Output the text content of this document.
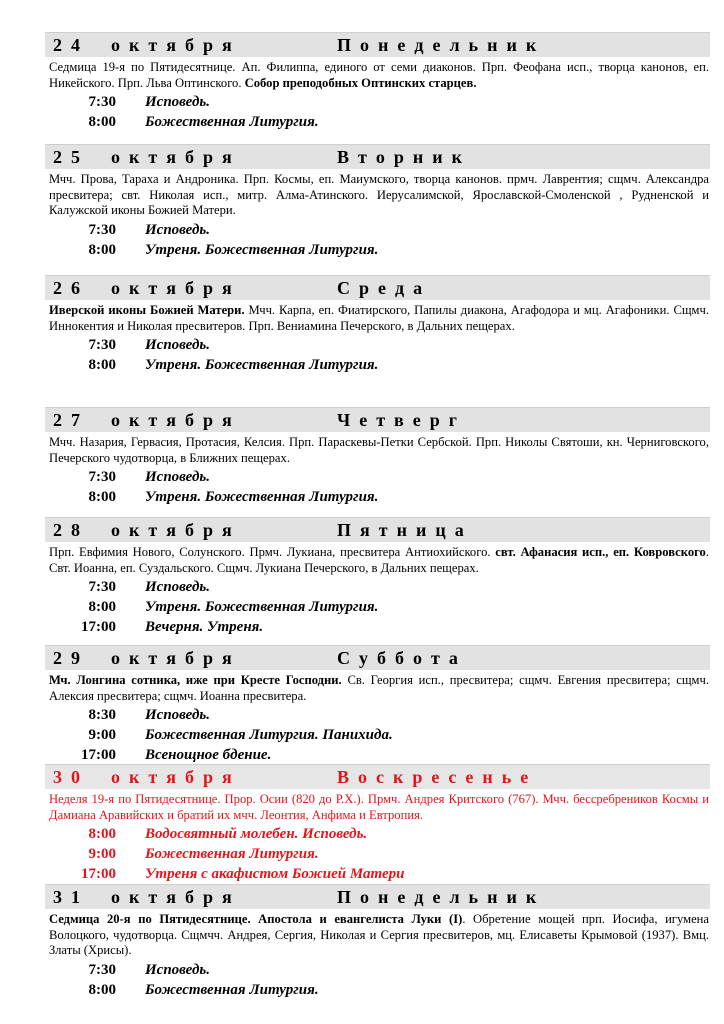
2 4 о к т я б р я	П о н е д е л ь н и к
Седмица 19-я по Пятидесятнице. Ап. Филиппа, единого от семи диаконов. Прп. Феофана исп., творца канонов, еп. Никейского. Прп. Льва Оптинского. Собор преподобных Оптинских старцев.
7:30 Исповедь.
8:00 Божественная Литургия.
2 5 о к т я б р я	В т о р н и к
Мчч. Прова, Тараха и Андроника. Прп. Космы, еп. Маиумского, творца канонов. прмч. Лаврентия; сщмч. Александра пресвитера; свт. Николая исп., митр. Алма-Атинского. Иерусалимской, Ярославской-Смоленской , Рудненской и Калужской иконы Божией Матери.
7:30 Исповедь.
8:00 Утреня. Божественная Литургия.
2 6 о к т я б р я	С р е д а
Иверской иконы Божией Матери. Мчч. Карпа, еп. Фиатирского, Папилы диакона, Агафодора и мц. Агафоники. Сщмч. Иннокентия и Николая пресвитеров. Прп. Вениамина Печерского, в Дальних пещерах.
7:30 Исповедь.
8:00 Утреня. Божественная Литургия.
2 7 о к т я б р я	Ч е т в е р г
Мчч. Назария, Гервасия, Протасия, Келсия. Прп. Параскевы-Петки Сербской. Прп. Николы Святоши, кн. Черниговского, Печерского чудотворца, в Ближних пещерах.
7:30 Исповедь.
8:00 Утреня. Божественная Литургия.
2 8 о к т я б р я	П я т н и ц а
Прп. Евфимия Нового, Солунского. Прмч. Лукиана, пресвитера Антиохийского. свт. Афанасия исп., еп. Ковровского. Свт. Иоанна, еп. Суздальского. Сщмч. Лукиана Печерского, в Дальних пещерах.
7:30 Исповедь.
8:00 Утреня. Божественная Литургия.
17:00 Вечерня. Утреня.
2 9 о к т я б р я	С у б б о т а
Мч. Лонгина сотника, иже при Кресте Господни. Св. Георгия исп., пресвитера; сщмч. Евгения пресвитера; сщмч. Алексия пресвитера; сщмч. Иоанна пресвитера.
8:30 Исповедь.
9:00 Божественная Литургия. Панихида.
17:00 Всенощное бдение.
3 0 о к т я б р я	В о с к р е с е н ь е
Неделя 19-я по Пятидесятнице. Прор. Осии (820 до Р.Х.). Прмч. Андрея Критского (767). Мчч. бессребреников Космы и Дамиана Аравийских и братий их мчч. Леонтия, Анфима и Евтропия.
8:00 Водосвятный молебен. Исповедь.
9:00 Божественная Литургия.
17:00 Утреня с акафистом Божией Матери
3 1 о к т я б р я	П о н е д е л ь н и к
Седмица 20-я по Пятидесятнице. Апостола и евангелиста Луки (I). Обретение мощей прп. Иосифа, игумена Волоцкого, чудотворца. Сщмчч. Андрея, Сергия, Николая и Сергия пресвитеров, мц. Елисаветы Крымовой (1937). Вмц. Златы (Хрисы).
7:30 Исповедь.
8:00 Божественная Литургия.
